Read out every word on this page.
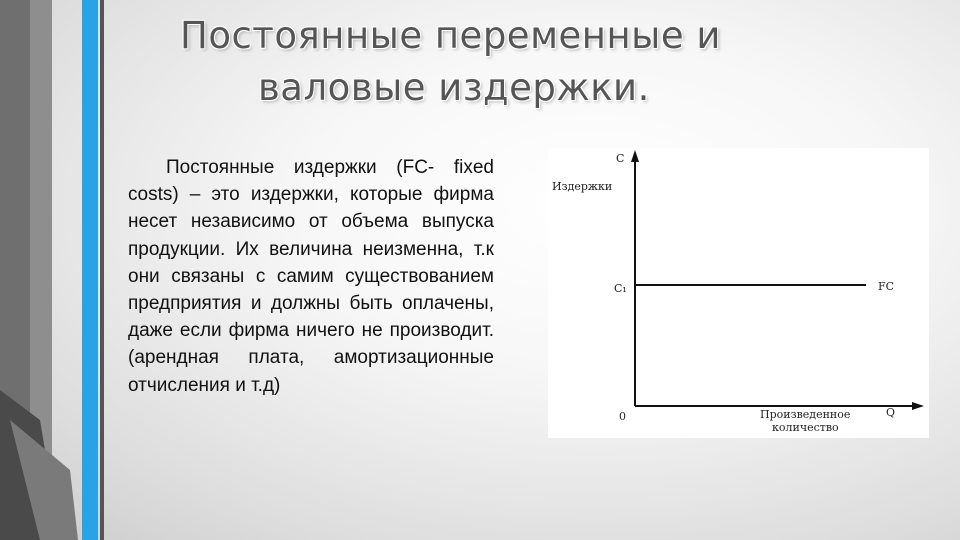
Постоянные переменные и
валовые издержки.
Постоянные издержки (FC- fixed costs) – это издержки, которые фирма несет независимо от объема выпуска продукции. Их величина неизменна, т.к они связаны с самим существованием предприятия и должны быть оплачены, даже если фирма ничего не производит. (арендная плата, амортизационные отчисления и т.д)
C
Издержки
C₁	FC
0	Q
Произведенное
количество
